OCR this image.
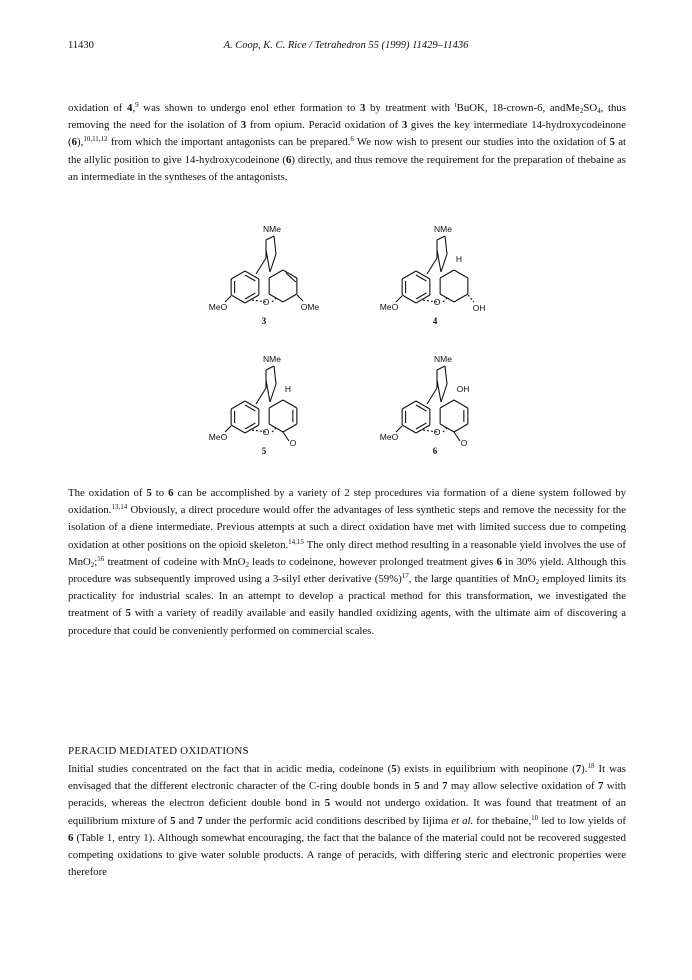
11430	A. Coop, K. C. Rice / Tetrahedron 55 (1999) 11429–11436

oxidation of 4,$^9$ was shown to undergo enol ether formation to 3 by treatment with $^t$BuOK, 18-crown-6, $andMe_2SO_4$, thus removing the need for the isolation of 3 from opium. Peracid oxidation of 3 gives the key intermediate 14-hydroxycodeinone (6),$^{10,11,12}$ from which the important antagonists can be prepared.$^6$ We now wish to present our studies into the oxidation of 5 at the allylic position to give 14-hydroxycodeinone (6) directly, and thus remove the requirement for the preparation of thebaine as an intermediate in the syntheses of the antagonists.

NMe
MeO	O	OMe
3
NMe
MeO	O
OH
H
4
NMe
MeO	O
O
H
5
NMe
MeO	O
O
OH
6

The oxidation of 5 to 6 can be accomplished by a variety of 2 step procedures via formation of a diene system followed by oxidation.$^{13,14}$ Obviously, a direct procedure would offer the advantages of less synthetic steps and remove the necessity for the isolation of a diene intermediate. Previous attempts at such a direct oxidation have met with limited success due to competing oxidation at other positions on the opioid skeleton.$^{14,15}$ The only direct method resulting in a reasonable yield involves the use of MnO$_2$;$^{16}$ treatment of codeine with MnO$_2$ leads to codeinone, however prolonged treatment gives 6 in 30% yield. Although this procedure was subsequently improved using a 3-silyl ether derivative $(59\%)^{17}$, the large quantities of MnO$_2$ employed limits its practicality for industrial scales. In an attempt to develop a practical method for this transformation, we investigated the treatment of 5 with a variety of readily available and easily handled oxidizing agents, with the ultimate aim of discovering a procedure that could be conveniently performed on commercial scales.

PERACID MEDIATED OXIDATIONS

Initial studies concentrated on the fact that in acidic media, codeinone (5) exists in equilibrium with neopinone (7).$^{18}$ It was envisaged that the different electronic character of the C-ring double bonds in 5 and 7 may allow selective oxidation of 7 with peracids, whereas the electron deficient double bond in 5 would not undergo oxidation. It was found that treatment of an equilibrium mixture of 5 and 7 under the performic acid conditions described by Iijima et al. for thebaine,$^{10}$ led to low yields of 6 (Table 1, entry 1). Although somewhat encouraging, the fact that the balance of the material could not be recovered suggested competing oxidations to give water soluble products. A range of peracids, with differing steric and electronic properties were therefore
